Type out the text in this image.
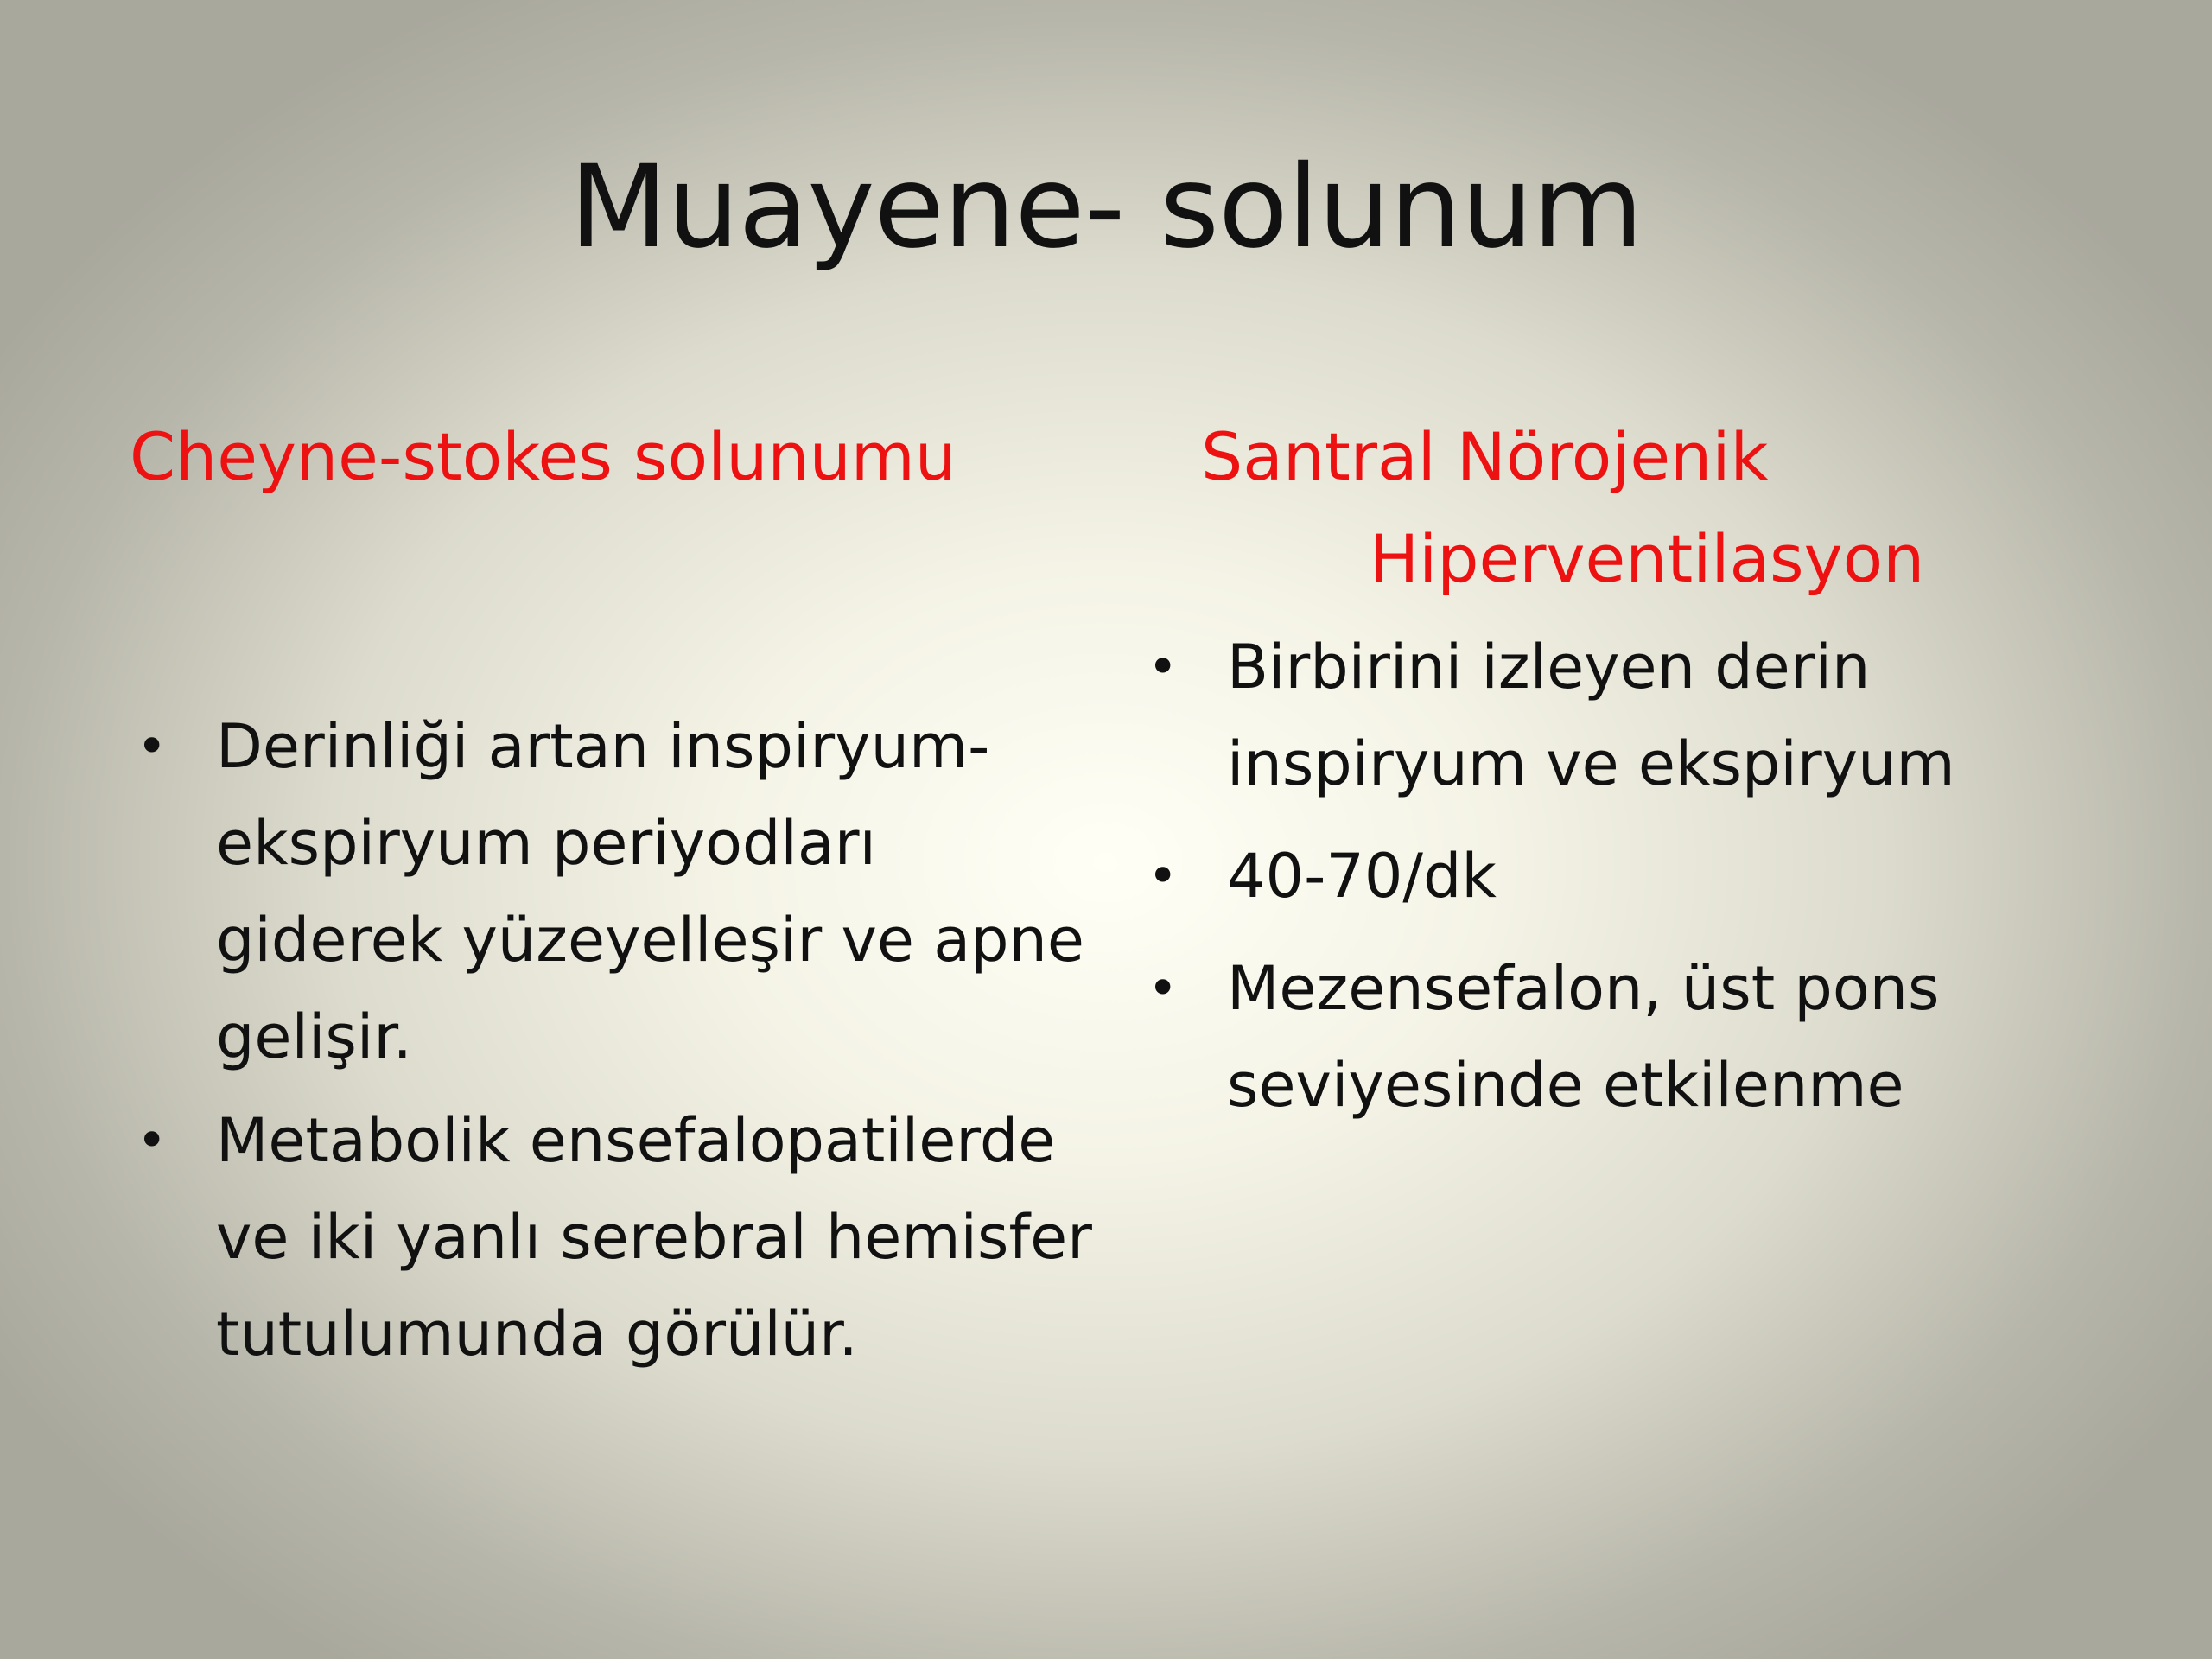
Muayene- solunum
Cheyne-stokes solunumu
• Derinliği artan inspiryum-ekspiryum periyodları giderek yüzeyelleşir ve apne gelişir.
• Metabolik ensefalopatilerde ve iki yanlı serebral hemisfer tutulumunda görülür.
Santral Nörojenik
Hiperventilasyon
• Birbirini izleyen derin inspiryum ve ekspiryum
• 40-70/dk
• Mezensefalon, üst pons seviyesinde etkilenme
